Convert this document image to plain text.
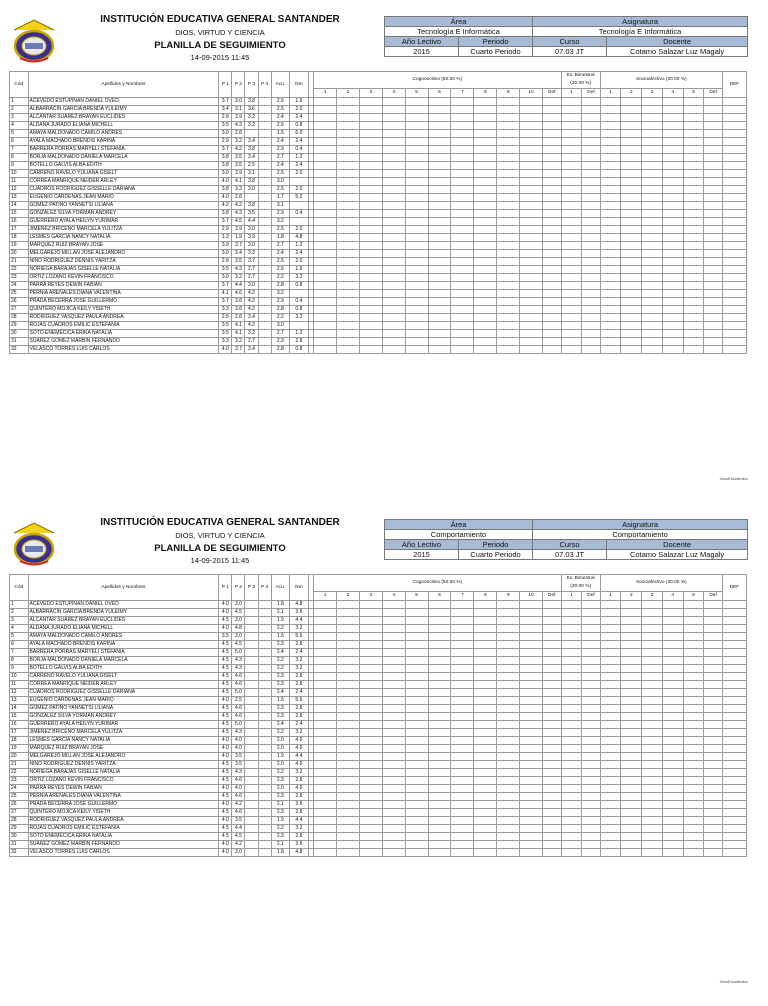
INSTITUCIÓN EDUCATIVA GENERAL SANTANDER
DIOS, VIRTUD Y CIENCIA
PLANILLA DE SEGUIMIENTO
14-09-2015 11:45
Área		Asignatura	
Tecnología E Informática		Tecnología E Informática	
Año Lectivo	Periodo	Curso	Docente
2015	Cuarto Periodo	07.03 JT	Cotamo Salazar Luz Magaly
Cód	Apellidos y Nombres	P 1	P 2	P 3	P 4	Acu.	Nm		Cognoscitivo (50.00 %)											Ev. Bimestral
(20.00 %)		Socioafectivo (30.00 %)						DEF
									1	2	3	4	5	6	7	8	9	10	Def	1	Def	1	2	3	4	5	Def	
1	ACEVEDO ESTUPIÑAN DANIEL OVED	3.7	3.0	3.8		2.6	1.6																					
2	ALBARRACIN GARCIA BRENDA YULEIMY	3.4	3.1	3.6		2.5	2.0																					
3	ALCANTAR SUAREZ BRAYAN EUCLIDES	2.8	3.9	3.2		2.4	2.4																					
4	ALDANA JURADO ELIANA MICHELL	3.5	4.3	3.2		2.6	0.8																					
5	AMAYA MALDONADO CAMILO ANDRES	3.0	2.8			1.5	6.0																					
6	AYALA MACHADO BRENDIS KARINA	2.9	3.2	3.4		2.4	2.4																					
7	BARRERA PORRAS MARYELI STEFANIA	3.7	4.2	3.8		2.9	0.4																					
8	BORJA MALDONADO DANIELA MARCELA	3.8	3.5	3.4		2.7	1.2																					
9	BOTELLO GALVIS ALBA EDITH	3.8	3.5	2.5		2.4	2.4																					
10	CARREÑO RAVELO YULIANA GISELT	3.0	3.9	3.1		2.5	2.0																					
11	CORREA MANRIQUE NEIDER ARLEY	4.0	4.1	3.8		3.0																						
12	CUADROS RODRIGUEZ GISSELLE DARIANA	3.8	3.3	3.0		2.5	2.0																					
13	EUGENIO CARDENAS JEAN MARIO	4.0	2.8			1.7	5.2																					
14	GOMEZ PATIÑO YANNETSI LILIANA	4.2	4.2	3.8		3.1																						
15	GONZALEZ SILVA YORMAN ANDREY	3.8	4.3	3.5		2.9	0.4																					
16	GUERRERO AYALA HEILYN YURIMAR	3.7	4.5	4.4		3.2																						
17	JIMENEZ BRICEÑO MARCELA YULITZA	2.9	3.9	3.0		2.5	2.0																					
18	LESMES GARCIA NANCY NATALIA	1.3	1.9	3.9		1.8	4.8																					
19	MARQUEZ RUIZ BRAYAN JOSE	3.9	3.7	3.0		2.7	1.2																					
20	MELGAREJO MILLÁN JOSÉ ALEJANDRO	3.0	3.4	3.3		2.4	2.4																					
21	NIÑO RODRIGUEZ DENNIS YARITZA	2.8	3.5	3.7		2.5	2.0																					
22	NORIEGA BARAJAS GISELLE NATALIA	3.5	4.3	2.7		2.6	1.6																					
23	ORTIZ LOZANO KEVIN FRANCISCO	3.0	3.2	2.7		2.2	3.2																					
24	PARRA REYES DEWIN FABIAN	3.7	4.4	3.0		2.8	0.8																					
25	PERNIA ARENALES DIANA VALENTINA	4.1	4.6	4.2		3.2																						
26	PRADA BECERRA JOSE GUILLERMO	3.7	3.8	4.2		2.9	0.4																					
27	QUINTERO MOJICA KEILY YISETH	3.3	3.8	4.2		2.8	0.8																					
28	RODRIGUEZ VASQUEZ PAULA ANDREA	2.5	2.8	3.4		2.2	3.2																					
29	ROJAS CUADROS EMILIC ESTEFANIA	3.5	4.1	4.2		3.0																						
30	SOTO ENEMECICA ERIKA NATALIA	3.5	4.1	3.2		2.7	1.2																					
31	SUAREZ GOMEZ MARBIN FERNANDO	3.3	3.2	2.7		2.3	2.8																					
32	VELASCO TORRES LUIS CARLOS	4.0	3.7	3.4		2.8	0.8																					
Gesoft Academico
INSTITUCIÓN EDUCATIVA GENERAL SANTANDER
DIOS, VIRTUD Y CIENCIA
PLANILLA DE SEGUIMIENTO
14-09-2015 11:45
Área		Asignatura	
Comportamiento		Comportamiento	
Año Lectivo	Periodo	Curso	Docente
2015	Cuarto Periodo	07.03 JT	Cotamo Salazar Luz Magaly
Cód	Apellidos y Nombres	P 1	P 2	P 3	P 4	Acu.	Nm		Cognoscitivo (50.00 %)											Ev. Bimestral
(20.00 %)		Socioafectivo (30.00 %)						DEF
									1	2	3	4	5	6	7	8	9	10	Def	1	Def	1	2	3	4	5	Def	
1	ACEVEDO ESTUPIÑAN DANIEL OVED	4.0	3.0			1.8	4.8																					
2	ALBARRACIN GARCIA BRENDA YULEIMY	4.0	4.5			2.1	3.6																					
3	ALCANTAR SUAREZ BRAYAN EUCLIDES	4.5	3.0			1.9	4.4																					
4	ALDANA JURADO ELIANA MICHELL	4.0	4.8			2.2	3.2																					
5	AMAYA MALDONADO CAMILO ANDRES	3.5	3.0			1.6	5.6																					
6	AYALA MACHADO BRENDIS KARINA	4.5	4.5			2.3	2.8																					
7	BARRERA PORRAS MARYELI STEFANIA	4.5	5.0			2.4	2.4																					
8	BORJA MALDONADO DANIELA MARCELA	4.5	4.3			2.2	3.2																					
9	BOTELLO GALVIS ALBA EDITH	4.5	4.3			2.2	3.2																					
10	CARREÑO RAVELO YULIANA GISELT	4.5	4.6			2.3	2.8																					
11	CORREA MANRIQUE NEIDER ARLEY	4.5	4.6			2.3	2.8																					
12	CUADROS RODRIGUEZ GISSELLE DARIANA	4.5	5.0			2.4	2.4																					
13	EUGENIO CARDENAS JEAN MARIO	4.0	2.5			1.6	5.6																					
14	GOMEZ PATIÑO YANNETSI LILIANA	4.5	4.6			2.3	2.8																					
15	GONZALEZ SILVA YORMAN ANDREY	4.5	4.6			2.3	2.8																					
16	GUERRERO AYALA HEILYN YURIMAR	4.5	5.0			2.4	2.4																					
17	JIMENEZ BRICEÑO MARCELA YULITZA	4.5	4.3			2.2	3.2																					
18	LESMES GARCIA NANCY NATALIA	4.0	4.0			2.0	4.0																					
19	MARQUEZ RUIZ BRAYAN JOSE	4.0	4.0			2.0	4.0																					
20	MELGAREJO MILLÁN JOSÉ ALEJANDRO	4.0	3.5			1.9	4.4																					
21	NIÑO RODRIGUEZ DENNIS YARITZA	4.5	3.5			2.0	4.0																					
22	NORIEGA BARAJAS GISELLE NATALIA	4.5	4.3			2.2	3.2																					
23	ORTIZ LOZANO KEVIN FRANCISCO	4.5	4.6			2.3	2.8																					
24	PARRA REYES DEWIN FABIAN	4.0	4.0			2.0	4.0																					
25	PERNIA ARENALES DIANA VALENTINA	4.5	4.6			2.3	2.8																					
26	PRADA BECERRA JOSE GUILLERMO	4.0	4.2			2.1	3.6																					
27	QUINTERO MOJICA KEILY YISETH	4.5	4.6			2.3	2.8																					
28	RODRIGUEZ VASQUEZ PAULA ANDREA	4.0	3.5			1.9	4.4																					
29	ROJAS CUADROS EMILIC ESTEFANIA	4.5	4.4			2.2	3.2																					
30	SOTO ENEMECICA ERIKA NATALIA	4.5	4.5			2.3	2.8																					
31	SUAREZ GOMEZ MARBIN FERNANDO	4.0	4.2			2.1	3.6																					
32	VELASCO TORRES LUIS CARLOS	4.0	3.0			1.8	4.8																					
Gesoft Academico
